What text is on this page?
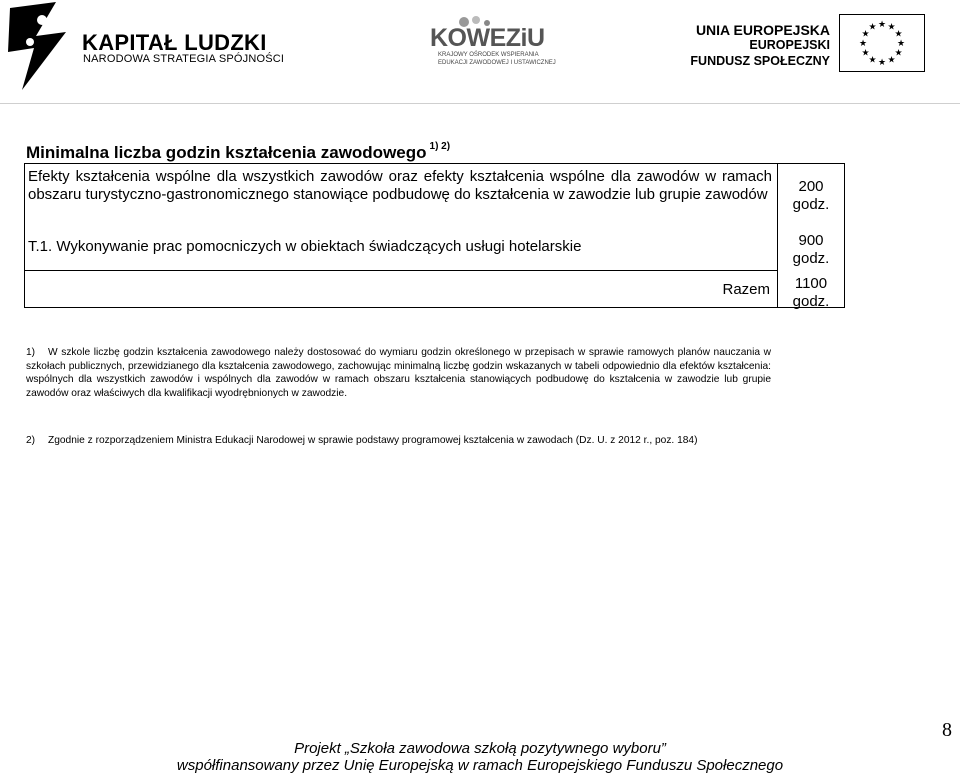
KAPITAŁ LUDZKI
NARODOWA STRATEGIA SPÓJNOŚCI
KOWEZiU
KRAJOWY OŚRODEK WSPIERANIA
EDUKACJI ZAWODOWEJ I USTAWICZNEJ
UNIA EUROPEJSKA
EUROPEJSKI
FUNDUSZ SPOŁECZNY
★ ★
★
★
★
★
★
★
★
★
★
★
Minimalna liczba godzin kształcenia zawodowego $^{1) 2)}$
Efekty kształcenia wspólne dla wszystkich zawodów oraz efekty kształcenia wspólne dla zawodów w ramach obszaru turystyczno-gastronomicznego stanowiące podbudowę do kształcenia w zawodzie lub grupie zawodów
T.1. Wykonywanie prac pomocniczych w obiektach świadczących usługi hotelarskie
Razem
200
godz.
900
godz.
1100
godz.
1) W szkole liczbę godzin kształcenia zawodowego należy dostosować do wymiaru godzin określonego w przepisach w sprawie ramowych planów nauczania w szkołach publicznych, przewidzianego dla kształcenia zawodowego, zachowując minimalną liczbę godzin wskazanych w tabeli odpowiednio dla efektów kształcenia: wspólnych dla wszystkich zawodów i wspólnych dla zawodów w ramach obszaru kształcenia stanowiących podbudowę do kształcenia w zawodzie lub grupie zawodów oraz właściwych dla kwalifikacji wyodrębnionych w zawodzie.
2) Zgodnie z rozporządzeniem Ministra Edukacji Narodowej w sprawie podstawy programowej kształcenia w zawodach (Dz. U. z 2012 r., poz. 184)
Projekt „Szkoła zawodowa szkołą pozytywnego wyboru”
współfinansowany przez Unię Europejską w ramach Europejskiego Funduszu Społecznego
8
